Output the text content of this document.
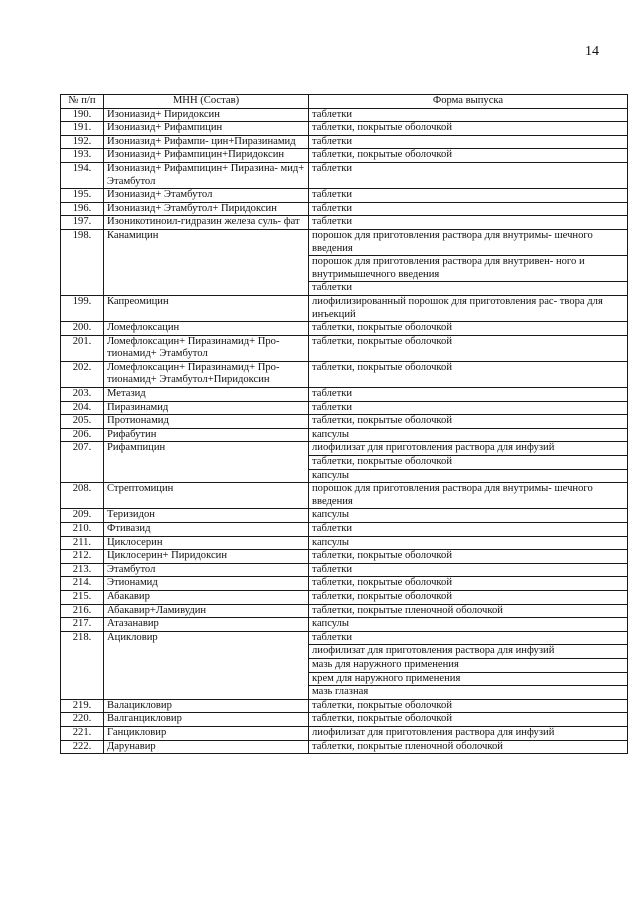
14
№ п/п	МНН (Состав)	Форма выпуска
190.	Изониазид+ Пиридоксин	таблетки

191.	Изониазид+ Рифампицин	таблетки, покрытые оболочкой

192.	Изониазид+ Рифампи- цин+Пиразинамид	таблетки

193.	Изониазид+ Рифампицин+Пиридоксин	таблетки, покрытые оболочкой

194.	Изониазид+ Рифампицин+ Пиразина- мид+ Этамбутол	таблетки

195.	Изониазид+ Этамбутол	таблетки

196.	Изониазид+ Этамбутол+ Пиридоксин	таблетки

197.	Изоникотиноил-гидразин железа суль- фат	таблетки

198.	Канамицин	порошок для приготовления раствора для внутримы- шечного введения
порошок для приготовления раствора для внутривен- ного и внутримышечного введения
таблетки

199.	Капреомицин	лиофилизированный порошок для приготовления рас- твора для инъекций

200.	Ломефлоксацин	таблетки, покрытые оболочкой

201.	Ломефлоксацин+ Пиразинамид+ Про- тионамид+ Этамбутол	таблетки, покрытые оболочкой

202.	Ломефлоксацин+ Пиразинамид+ Про- тионамид+ Этамбутол+Пиридоксин	таблетки, покрытые оболочкой

203.	Метазид	таблетки

204.	Пиразинамид	таблетки

205.	Протионамид	таблетки, покрытые оболочкой

206.	Рифабутин	капсулы

207.	Рифампицин	лиофилизат для приготовления раствора для инфузий
таблетки, покрытые оболочкой
капсулы

208.	Стрептомицин	порошок для приготовления раствора для внутримы- шечного введения

209.	Теризидон	капсулы

210.	Фтивазид	таблетки

211.	Циклосерин	капсулы

212.	Циклосерин+ Пиридоксин	таблетки, покрытые оболочкой

213.	Этамбутол	таблетки

214.	Этионамид	таблетки, покрытые оболочкой

215.	Абакавир	таблетки, покрытые оболочкой

216.	Абакавир+Ламивудин	таблетки, покрытые пленочной оболочкой

217.	Атазанавир	капсулы

218.	Ацикловир	таблетки
лиофилизат для приготовления раствора для инфузий
мазь для наружного применения
крем для наружного применения
мазь глазная

219.	Валацикловир	таблетки, покрытые оболочкой

220.	Валганцикловир	таблетки, покрытые оболочкой

221.	Ганцикловир	лиофилизат для приготовления раствора для инфузий

222.	Дарунавир	таблетки, покрытые пленочной оболочкой
